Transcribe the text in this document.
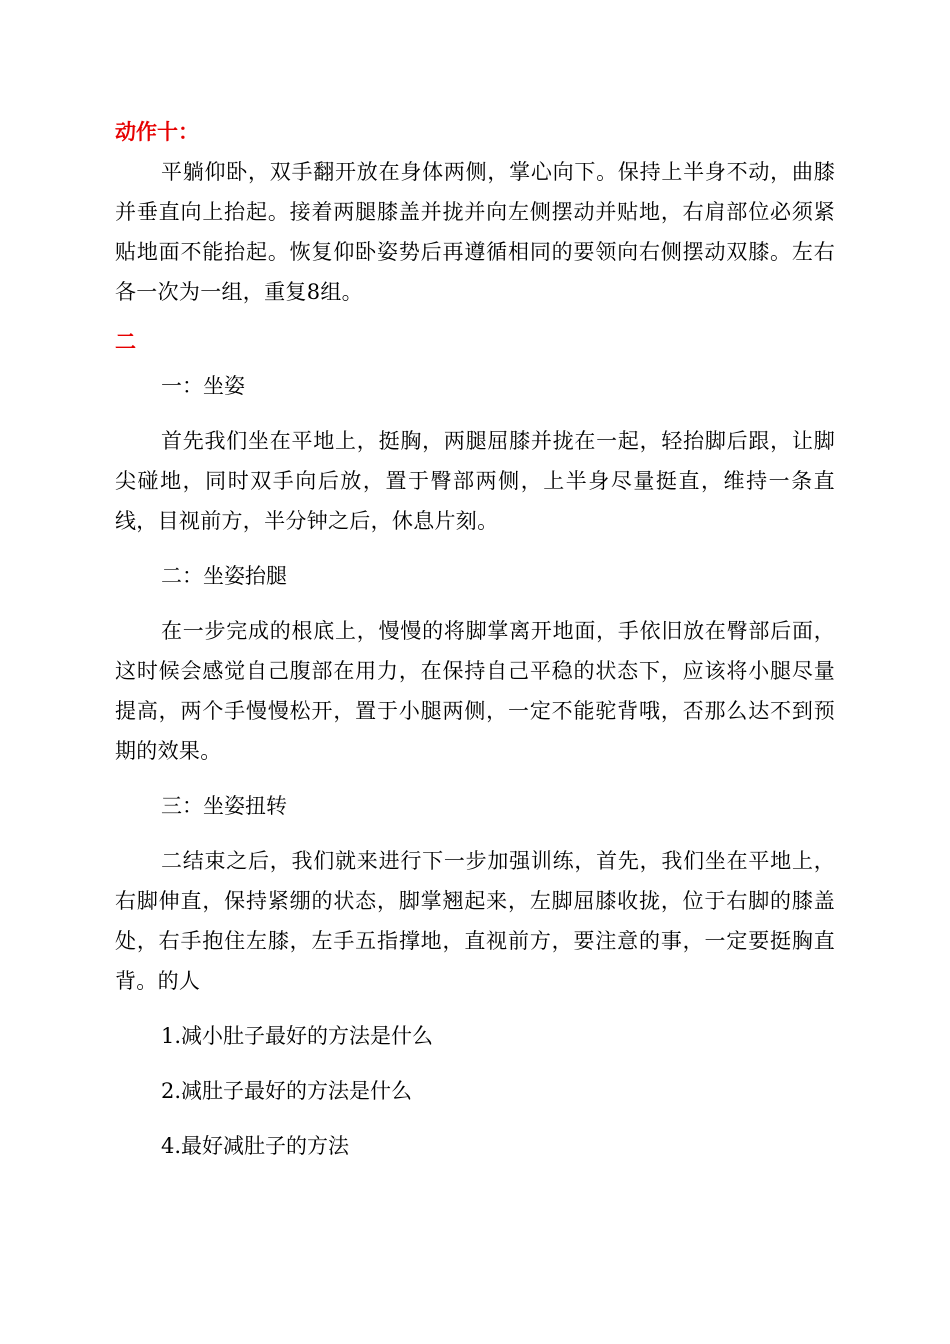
动作十：

平躺仰卧，双手翻开放在身体两侧，掌心向下。保持上半身不动，曲膝并垂直向上抬起。接着两腿膝盖并拢并向左侧摆动并贴地，右肩部位必须紧贴地面不能抬起。恢复仰卧姿势后再遵循相同的要领向右侧摆动双膝。左右各一次为一组，重复8组。

二

一：坐姿

首先我们坐在平地上，挺胸，两腿屈膝并拢在一起，轻抬脚后跟，让脚尖碰地，同时双手向后放，置于臀部两侧，上半身尽量挺直，维持一条直线，目视前方，半分钟之后，休息片刻。

二：坐姿抬腿

在一步完成的根底上，慢慢的将脚掌离开地面，手依旧放在臀部后面，这时候会感觉自己腹部在用力，在保持自己平稳的状态下，应该将小腿尽量提高，两个手慢慢松开，置于小腿两侧，一定不能驼背哦，否那么达不到预期的效果。

三：坐姿扭转

二结束之后，我们就来进行下一步加强训练，首先，我们坐在平地上，右脚伸直，保持紧绷的状态，脚掌翘起来，左脚屈膝收拢，位于右脚的膝盖处，右手抱住左膝，左手五指撑地，直视前方，要注意的事，一定要挺胸直背。的人

1.减小肚子最好的方法是什么

2.减肚子最好的方法是什么

4.最好减肚子的方法
